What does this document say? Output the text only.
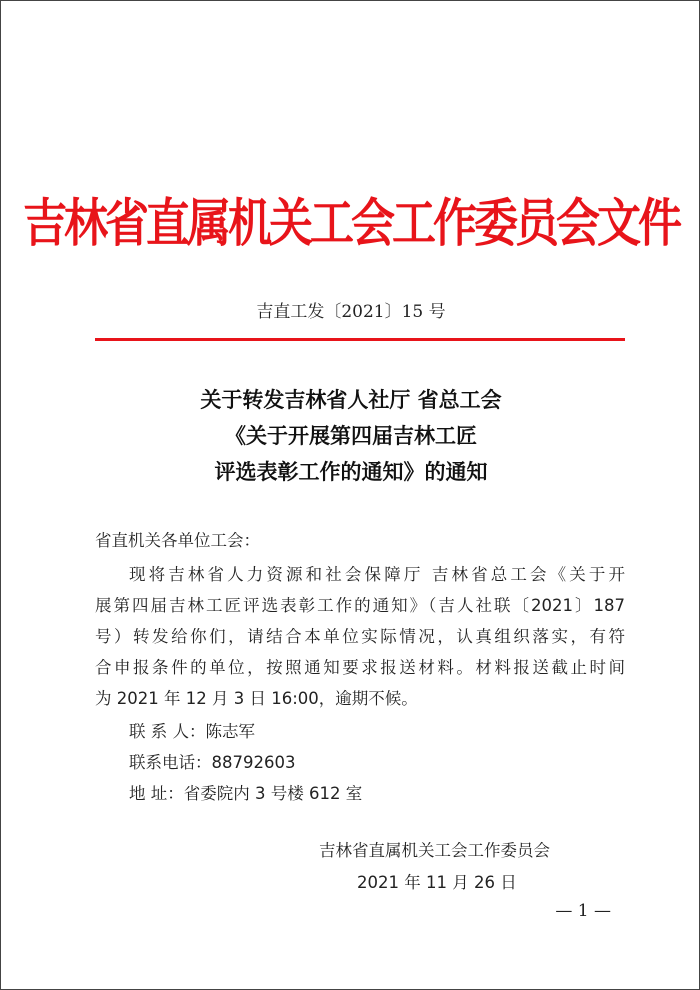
吉林省直属机关工会工作委员会文件
吉直工发〔2021〕15 号
关于转发吉林省人社厅 省总工会
《关于开展第四届吉林工匠
评选表彰工作的通知》的通知
省直机关各单位工会：
现将吉林省人力资源和社会保障厅 吉林省总工会《关于开
展第四届吉林工匠评选表彰工作的通知》（吉人社联〔2021〕187
号）转发给你们，请结合本单位实际情况，认真组织落实，有符
合申报条件的单位，按照通知要求报送材料。材料报送截止时间
为 2021 年 12 月 3 日 16:00，逾期不候。
联 系 人：陈志军
联系电话：88792603
地 址：省委院内 3 号楼 612 室
吉林省直属机关工会工作委员会
2021 年 11 月 26 日
— 1 —
